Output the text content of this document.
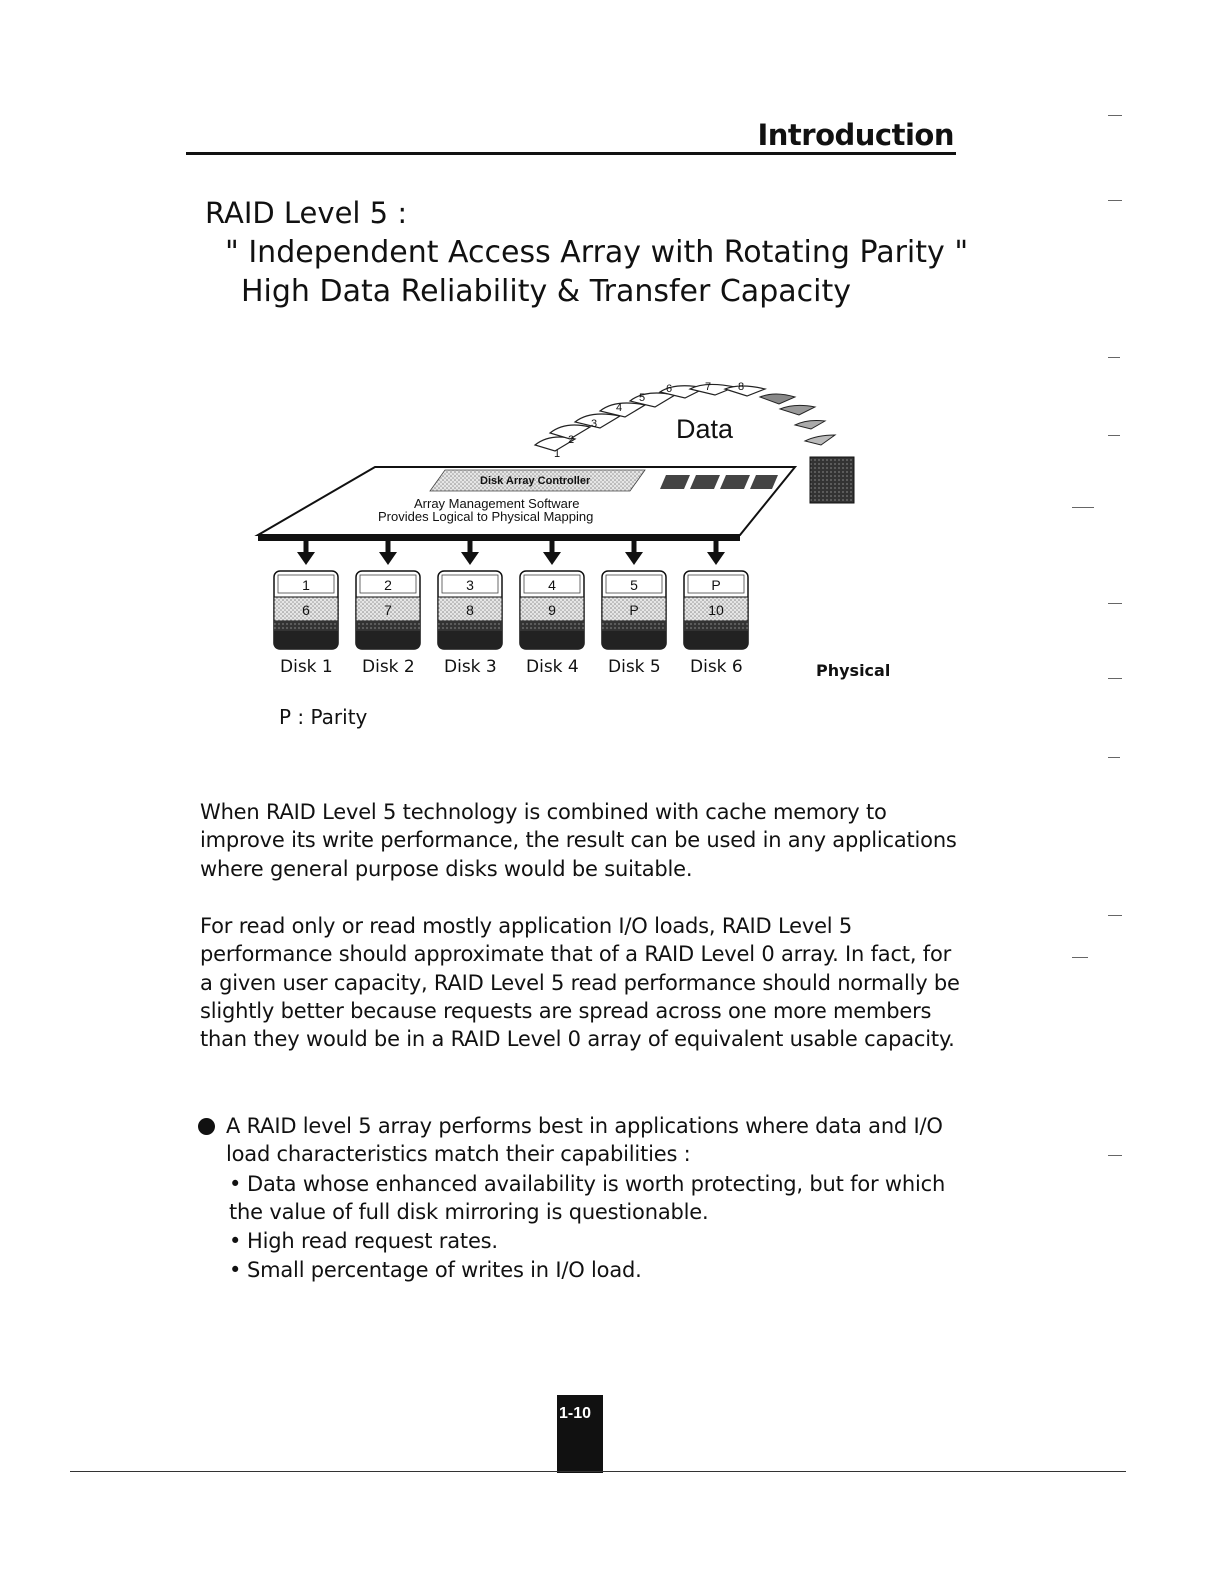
Introduction
RAID Level 5 :
" Independent Access Array with Rotating Parity "
High Data Reliability & Transfer Capacity
1
2
3
4
5
6	7 8
Data
Disk Array Controller
Array Management Software
Provides Logical to Physical Mapping
1
6
2
7
3
8
4
9
5
P
P
10
Disk 1 Disk 2 Disk 3 Disk 4 Disk 5 Disk 6	Physical
P : Parity
When RAID Level 5 technology is combined with cache memory to improve its write performance, the result can be used in any applications where general purpose disks would be suitable.
For read only or read mostly application I/O loads, RAID Level 5 performance should approximate that of a RAID Level 0 array. In fact, for a given user capacity, RAID Level 5 read performance should normally be slightly better because requests are spread across one more members than they would be in a RAID Level 0 array of equivalent usable capacity.
A RAID level 5 array performs best in applications where data and I/O load characteristics match their capabilities :
• Data whose enhanced availability is worth protecting, but for which the value of full disk mirroring is questionable.
• High read request rates.
• Small percentage of writes in I/O load.
1-10
